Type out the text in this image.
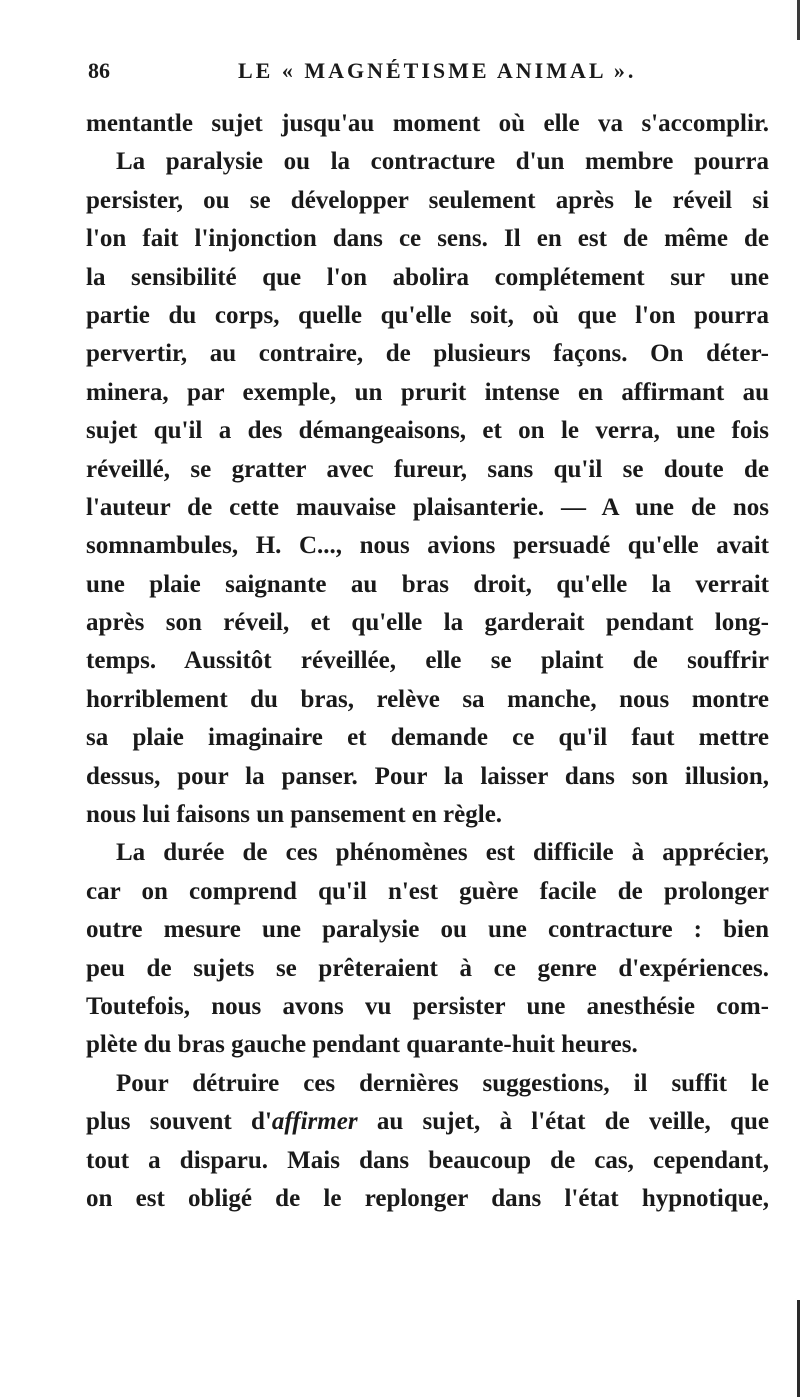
86	LE « MAGNÉTISME ANIMAL ».
mentantle sujet jusqu'au moment où elle va s'accomplir.
La paralysie ou la contracture d'un membre pourra
persister, ou se développer seulement après le réveil si
l'on fait l'injonction dans ce sens. Il en est de même de
la sensibilité que l'on abolira complétement sur une
partie du corps, quelle qu'elle soit, où que l'on pourra
pervertir, au contraire, de plusieurs façons. On déter-
minera, par exemple, un prurit intense en affirmant au
sujet qu'il a des démangeaisons, et on le verra, une fois
réveillé, se gratter avec fureur, sans qu'il se doute de
l'auteur de cette mauvaise plaisanterie. — A une de nos
somnambules, H. C..., nous avions persuadé qu'elle avait
une plaie saignante au bras droit, qu'elle la verrait
après son réveil, et qu'elle la garderait pendant long-
temps. Aussitôt réveillée, elle se plaint de souffrir
horriblement du bras, relève sa manche, nous montre
sa plaie imaginaire et demande ce qu'il faut mettre
dessus, pour la panser. Pour la laisser dans son illusion,
nous lui faisons un pansement en règle.
La durée de ces phénomènes est difficile à apprécier,
car on comprend qu'il n'est guère facile de prolonger
outre mesure une paralysie ou une contracture : bien
peu de sujets se prêteraient à ce genre d'expériences.
Toutefois, nous avons vu persister une anesthésie com-
plète du bras gauche pendant quarante-huit heures.
Pour détruire ces dernières suggestions, il suffit le
plus souvent d'affirmer au sujet, à l'état de veille, que
tout a disparu. Mais dans beaucoup de cas, cependant,
on est obligé de le replonger dans l'état hypnotique,
